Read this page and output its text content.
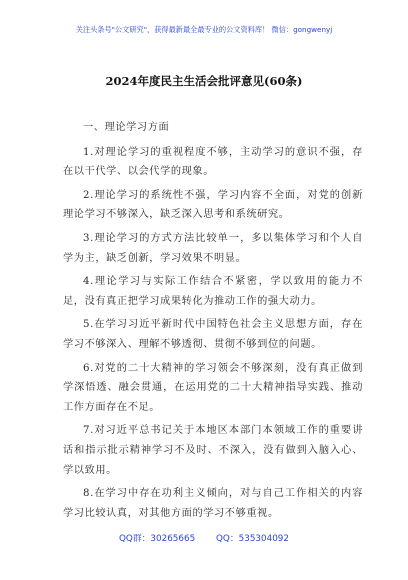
关注头条号"公文研究"，获得最新最全最专业的公文资料库！ 微信：gongwenyj
2024年度民主生活会批评意见(60条)

一、理论学习方面

1.对理论学习的重视程度不够，主动学习的意识不强，存在以干代学、以会代学的现象。

2.理论学习的系统性不强，学习内容不全面，对党的创新理论学习不够深入，缺乏深入思考和系统研究。

3.理论学习的方式方法比较单一，多以集体学习和个人自学为主，缺乏创新，学习效果不明显。

4.理论学习与实际工作结合不紧密，学以致用的能力不足，没有真正把学习成果转化为推动工作的强大动力。

5.在学习习近平新时代中国特色社会主义思想方面，存在学习不够深入、理解不够透彻、贯彻不够到位的问题。

6.对党的二十大精神的学习领会不够深刻，没有真正做到学深悟透、融会贯通，在运用党的二十大精神指导实践、推动工作方面存在不足。

7.对习近平总书记关于本地区本部门本领域工作的重要讲话和指示批示精神学习不及时、不深入，没有做到入脑入心、学以致用。

8.在学习中存在功利主义倾向，对与自己工作相关的内容学习比较认真，对其他方面的学习不够重视。

QQ群：30265665 QQ：535304092
